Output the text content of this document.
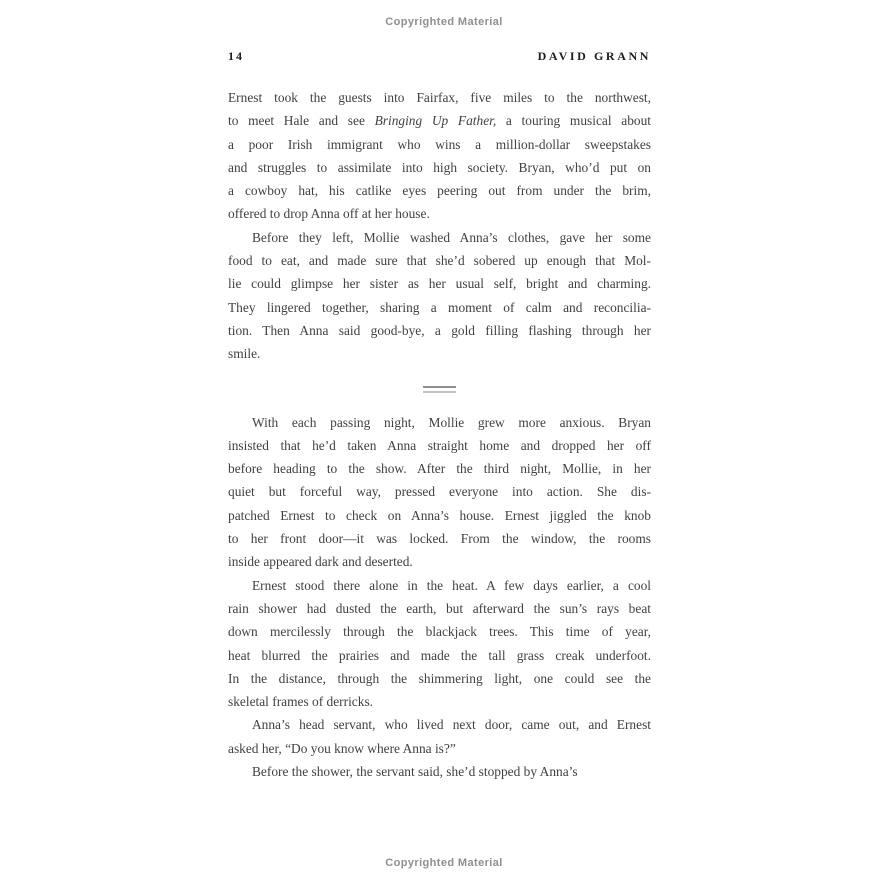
Copyrighted Material
14	DAVID GRANN
Ernest took the guests into Fairfax, five miles to the northwest,
to meet Hale and see Bringing Up Father, a touring musical about
a poor Irish immigrant who wins a million-dollar sweepstakes
and struggles to assimilate into high society. Bryan, who’d put on
a cowboy hat, his catlike eyes peering out from under the brim,
offered to drop Anna off at her house.
Before they left, Mollie washed Anna’s clothes, gave her some
food to eat, and made sure that she’d sobered up enough that Mol-
lie could glimpse her sister as her usual self, bright and charming.
They lingered together, sharing a moment of calm and reconcilia-
tion. Then Anna said good-bye, a gold filling flashing through her
smile.
With each passing night, Mollie grew more anxious. Bryan
insisted that he’d taken Anna straight home and dropped her off
before heading to the show. After the third night, Mollie, in her
quiet but forceful way, pressed everyone into action. She dis-
patched Ernest to check on Anna’s house. Ernest jiggled the knob
to her front door—it was locked. From the window, the rooms
inside appeared dark and deserted.
Ernest stood there alone in the heat. A few days earlier, a cool
rain shower had dusted the earth, but afterward the sun’s rays beat
down mercilessly through the blackjack trees. This time of year,
heat blurred the prairies and made the tall grass creak underfoot.
In the distance, through the shimmering light, one could see the
skeletal frames of derricks.
Anna’s head servant, who lived next door, came out, and Ernest
asked her, “Do you know where Anna is?”
Before the shower, the servant said, she’d stopped by Anna’s
Copyrighted Material
